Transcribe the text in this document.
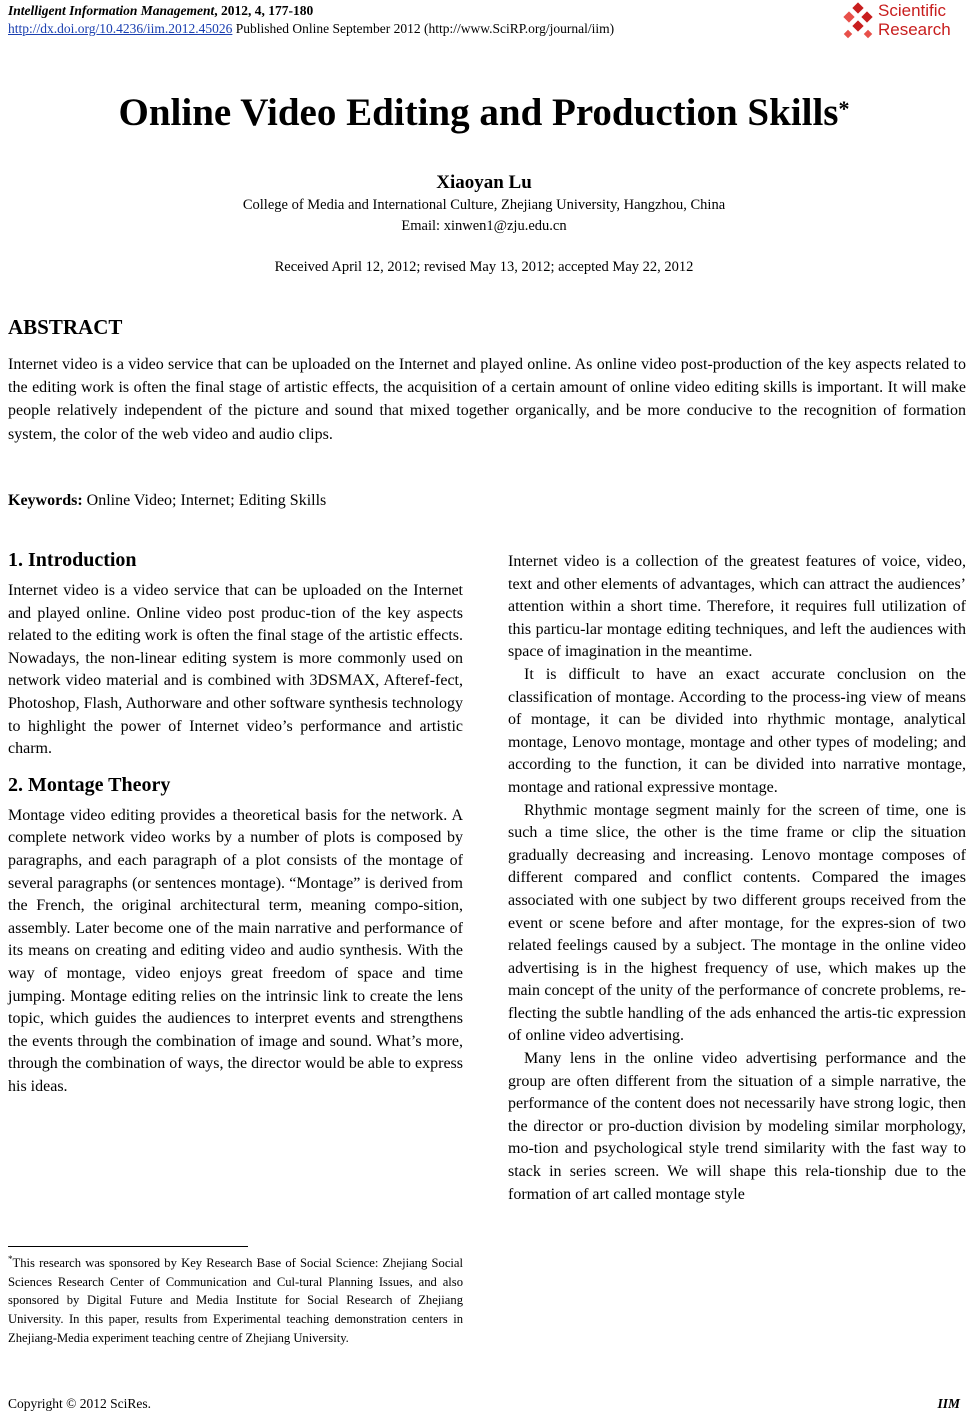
Intelligent Information Management, 2012, 4, 177-180
http://dx.doi.org/10.4236/iim.2012.45026 Published Online September 2012 (http://www.SciRP.org/journal/iim)
Scientific
Research
Online Video Editing and Production Skills*
Xiaoyan Lu
College of Media and International Culture, Zhejiang University, Hangzhou, China
Email: xinwen1@zju.edu.cn
Received April 12, 2012; revised May 13, 2012; accepted May 22, 2012
ABSTRACT
Internet video is a video service that can be uploaded on the Internet and played online. As online video post-production of the key aspects related to the editing work is often the final stage of artistic effects, the acquisition of a certain amount of online video editing skills is important. It will make people relatively independent of the picture and sound that mixed together organically, and be more conducive to the recognition of formation system, the color of the web video and audio clips.
Keywords: Online Video; Internet; Editing Skills
1. Introduction

Internet video is a video service that can be uploaded on the Internet and played online. Online video post produc-tion of the key aspects related to the editing work is often the final stage of the artistic effects. Nowadays, the non-linear editing system is more commonly used on network video material and is combined with 3DSMAX, Afteref-fect, Photoshop, Flash, Authorware and other software synthesis technology to highlight the power of Internet video’s performance and artistic charm.

2. Montage Theory

Montage video editing provides a theoretical basis for the network. A complete network video works by a number of plots is composed by paragraphs, and each paragraph of a plot consists of the montage of several paragraphs (or sentences montage). “Montage” is derived from the French, the original architectural term, meaning compo-sition, assembly. Later become one of the main narrative and performance of its means on creating and editing video and audio synthesis. With the way of montage, video enjoys great freedom of space and time jumping. Montage editing relies on the intrinsic link to create the lens topic, which guides the audiences to interpret events and strengthens the events through the combination of image and sound. What’s more, through the combination of ways, the director would be able to express his ideas.

Internet video is a collection of the greatest features of voice, video, text and other elements of advantages, which can attract the audiences’ attention within a short time. Therefore, it requires full utilization of this particu-lar montage editing techniques, and left the audiences with space of imagination in the meantime.

It is difficult to have an exact accurate conclusion on the classification of montage. According to the process-ing view of means of montage, it can be divided into rhythmic montage, analytical montage, Lenovo montage, montage and other types of modeling; and according to the function, it can be divided into narrative montage, montage and rational expressive montage.

Rhythmic montage segment mainly for the screen of time, one is such a time slice, the other is the time frame or clip the situation gradually decreasing and increasing. Lenovo montage composes of different compared and conflict contents. Compared the images associated with one subject by two different groups received from the event or scene before and after montage, for the expres-sion of two related feelings caused by a subject. The montage in the online video advertising is in the highest frequency of use, which makes up the main concept of the unity of the performance of concrete problems, re-flecting the subtle handling of the ads enhanced the artis-tic expression of online video advertising.

Many lens in the online video advertising performance and the group are often different from the situation of a simple narrative, the performance of the content does not necessarily have strong logic, then the director or pro-duction division by modeling similar morphology, mo-tion and psychological style trend similarity with the fast way to stack in series screen. We will shape this rela-tionship due to the formation of art called montage style

*This research was sponsored by Key Research Base of Social Science: Zhejiang Social Sciences Research Center of Communication and Cul-tural Planning Issues, and also sponsored by Digital Future and Media Institute for Social Research of Zhejiang University. In this paper, results from Experimental teaching demonstration centers in Zhejiang-Media experiment teaching centre of Zhejiang University.
Copyright © 2012 SciRes.	IIM
